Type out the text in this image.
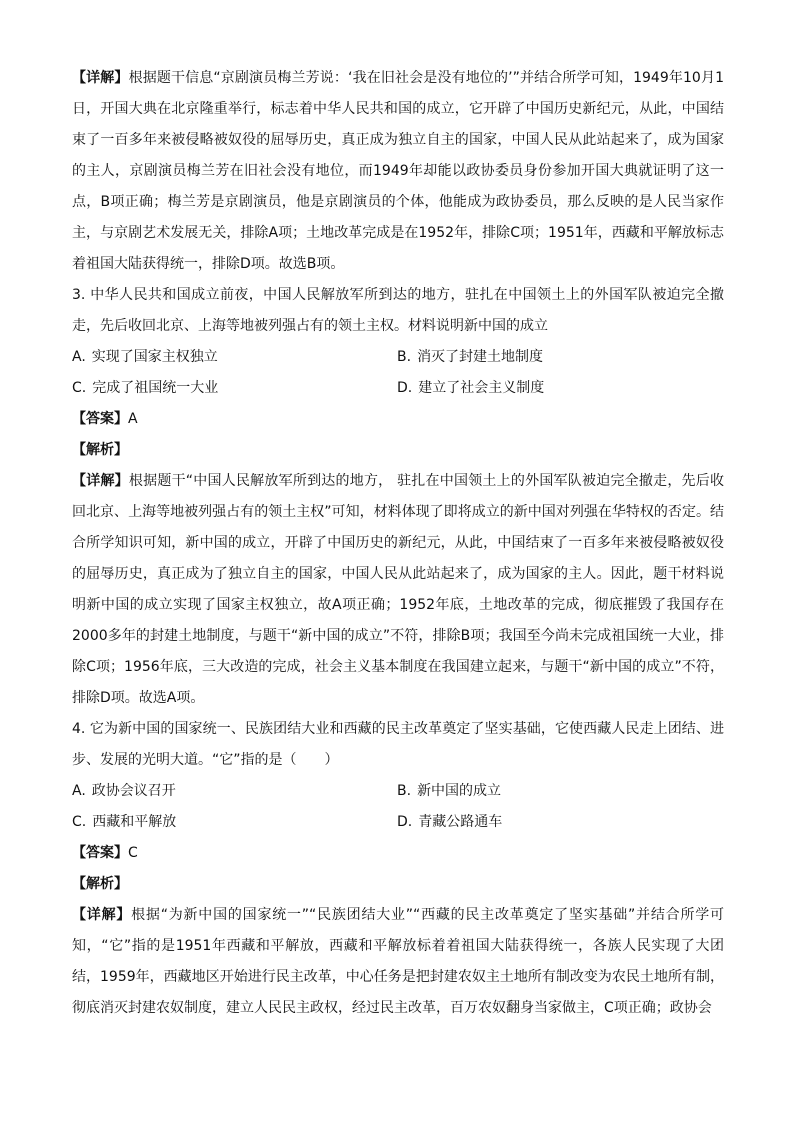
【详解】根据题干信息“京剧演员梅兰芳说：‘我在旧社会是没有地位的’”并结合所学可知，1949年10月1日，开国大典在北京隆重举行，标志着中华人民共和国的成立，它开辟了中国历史新纪元，从此，中国结束了一百多年来被侵略被奴役的屈辱历史，真正成为独立自主的国家，中国人民从此站起来了，成为国家的主人，京剧演员梅兰芳在旧社会没有地位，而1949年却能以政协委员身份参加开国大典就证明了这一点，B项正确；梅兰芳是京剧演员，他是京剧演员的个体，他能成为政协委员，那么反映的是人民当家作主，与京剧艺术发展无关，排除A项；土地改革完成是在1952年，排除C项；1951年，西藏和平解放标志着祖国大陆获得统一，排除D项。故选B项。

3. 中华人民共和国成立前夜，中国人民解放军所到达的地方，驻扎在中国领土上的外国军队被迫完全撤走，先后收回北京、上海等地被列强占有的领土主权。材料说明新中国的成立

A. 实现了国家主权独立	B. 消灭了封建土地制度
C. 完成了祖国统一大业	D. 建立了社会主义制度

【答案】A

【解析】

【详解】根据题干“中国人民解放军所到达的地方， 驻扎在中国领土上的外国军队被迫完全撤走，先后收回北京、上海等地被列强占有的领土主权”可知，材料体现了即将成立的新中国对列强在华特权的否定。结合所学知识可知，新中国的成立，开辟了中国历史的新纪元，从此，中国结束了一百多年来被侵略被奴役的屈辱历史，真正成为了独立自主的国家，中国人民从此站起来了，成为国家的主人。因此，题干材料说明新中国的成立实现了国家主权独立，故A项正确；1952年底，土地改革的完成，彻底摧毁了我国存在2000多年的封建土地制度，与题干“新中国的成立”不符，排除B项；我国至今尚未完成祖国统一大业，排除C项；1956年底，三大改造的完成，社会主义基本制度在我国建立起来，与题干“新中国的成立”不符，排除D项。故选A项。

4. 它为新中国的国家统一、民族团结大业和西藏的民主改革奠定了坚实基础，它使西藏人民走上团结、进步、发展的光明大道。“它”指的是（　　）

A. 政协会议召开	B. 新中国的成立
C. 西藏和平解放	D. 青藏公路通车

【答案】C

【解析】

【详解】根据“为新中国的国家统一”“民族团结大业”“西藏的民主改革奠定了坚实基础”并结合所学可知，“它”指的是1951年西藏和平解放，西藏和平解放标着着祖国大陆获得统一，各族人民实现了大团结，1959年，西藏地区开始进行民主改革，中心任务是把封建农奴主土地所有制改变为农民土地所有制，彻底消灭封建农奴制度，建立人民民主政权，经过民主改革，百万农奴翻身当家做主，C项正确；政协会
